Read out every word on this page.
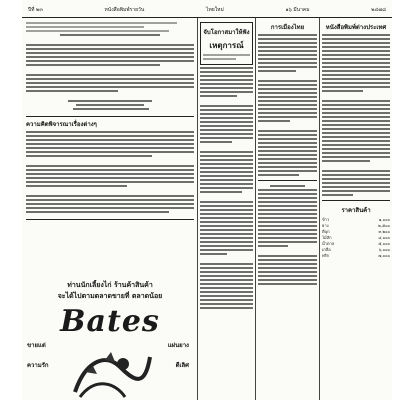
ปีที่ ๒๓	หนังสือพิมพ์รายวัน	ไทยใหม่	๑๖ มีนาคม	๒๔๗๘
ความคิดพิจารณาเรื่องต่างๆ
ท่านนักเลี้ยงไก่ ร้านค้าสินค้า
จะได้ไปตามตลาดขายที่ ตลาดน้อย
Bates
ขายแต่
ความรัก
แผ่นยาง
ดีเลิศ
จับโอกาสมาให้ฟัง
เหตุการณ์
การเมืองไทย	หนังสือพิมพ์ต่างประเทศ
ราคาสินค้า
ข้าว	๑,๐๐๐
ยาง	๒,๕๐๐
ดีบุก	๓,๒๐๐
ไม้สัก	๔,๐๐๐
น้ำตาล	๕,๐๐๐
เกลือ	๖,๐๐๐
พริก	๗,๐๐๐
